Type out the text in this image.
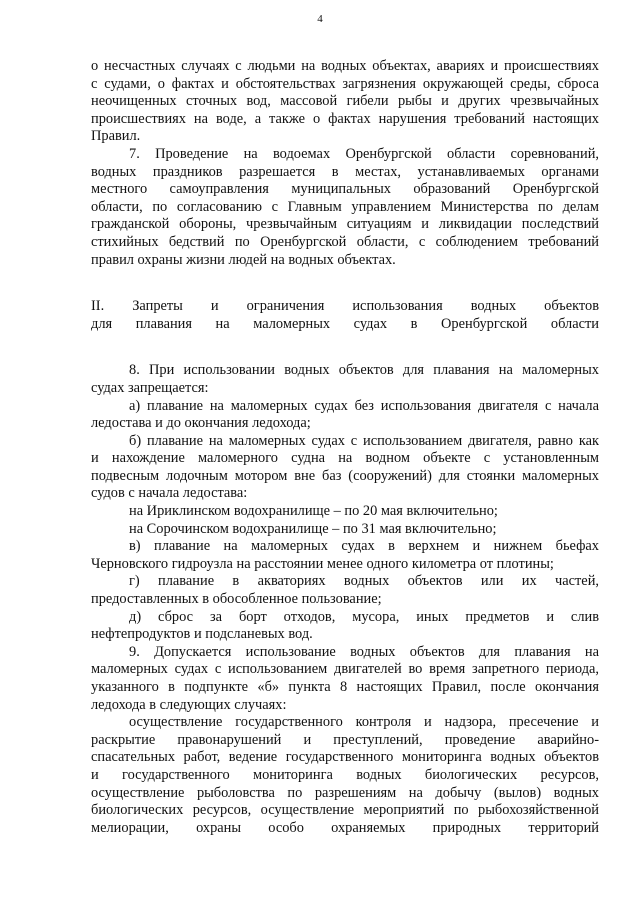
4

о несчастных случаях с людьми на водных объектах, авариях и происшествиях

с судами, о фактах и обстоятельствах загрязнения окружающей среды, сброса

неочищенных сточных вод, массовой гибели рыбы и других чрезвычайных

происшествиях на воде, а также о фактах нарушения требований настоящих

Правил.

7. Проведение на водоемах Оренбургской области соревнований,

водных праздников разрешается в местах, устанавливаемых органами

местного самоуправления муниципальных образований Оренбургской

области, по согласованию с Главным управлением Министерства по делам

гражданской обороны, чрезвычайным ситуациям и ликвидации последствий

стихийных бедствий по Оренбургской области, с соблюдением требований

правил охраны жизни людей на водных объектах.

II. Запреты и ограничения использования водных объектов

для плавания на маломерных судах в Оренбургской области

8. При использовании водных объектов для плавания на маломерных

судах запрещается:

а) плавание на маломерных судах без использования двигателя с начала

ледостава и до окончания ледохода;

б) плавание на маломерных судах с использованием двигателя, равно как

и нахождение маломерного судна на водном объекте с установленным

подвесным лодочным мотором вне баз (сооружений) для стоянки маломерных

судов с начала ледостава:

на Ириклинском водохранилище – по 20 мая включительно;

на Сорочинском водохранилище – по 31 мая включительно;

в) плавание на маломерных судах в верхнем и нижнем бьефах

Черновского гидроузла на расстоянии менее одного километра от плотины;

г) плавание в акваториях водных объектов или их частей,

предоставленных в обособленное пользование;

д) сброс за борт отходов, мусора, иных предметов и слив

нефтепродуктов и подсланевых вод.

9. Допускается использование водных объектов для плавания на

маломерных судах с использованием двигателей во время запретного периода,

указанного в подпункте «б» пункта 8 настоящих Правил, после окончания

ледохода в следующих случаях:

осуществление государственного контроля и надзора, пресечение и

раскрытие правонарушений и преступлений, проведение аварийно-

спасательных работ, ведение государственного мониторинга водных объектов

и государственного мониторинга водных биологических ресурсов,

осуществление рыболовства по разрешениям на добычу (вылов) водных

биологических ресурсов, осуществление мероприятий по рыбохозяйственной

мелиорации, охраны особо охраняемых природных территорий
